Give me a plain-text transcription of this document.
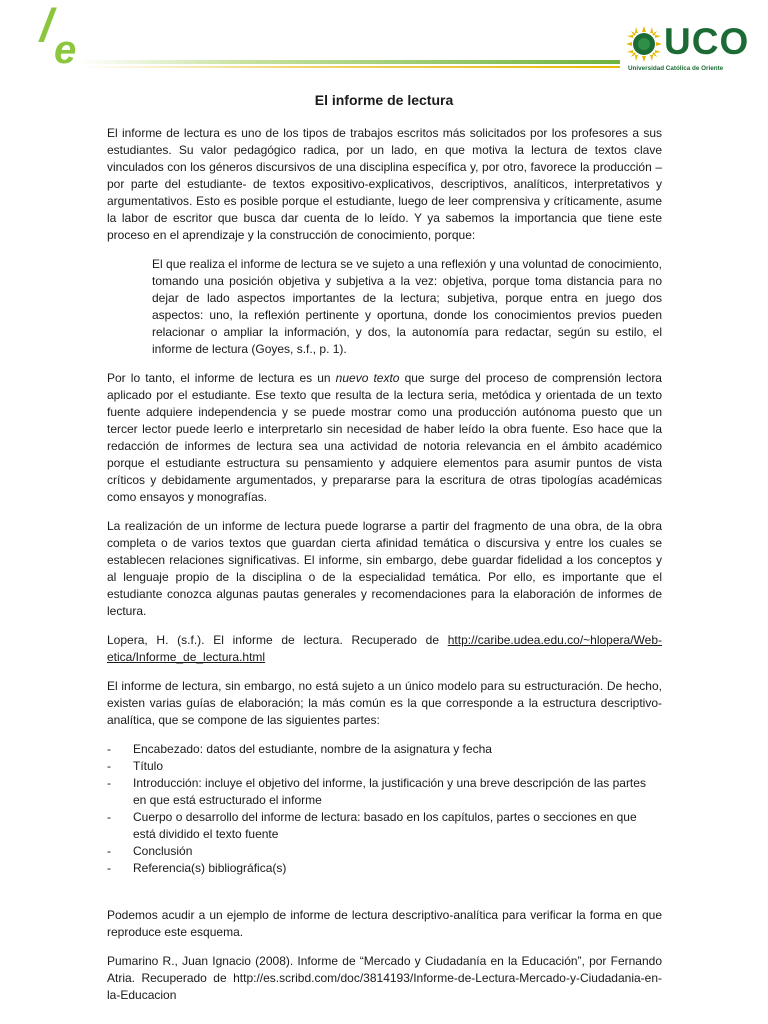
/ e	UCO
Universidad Católica de Oriente
El informe de lectura

El informe de lectura es uno de los tipos de trabajos escritos más solicitados por los profesores a sus estudiantes. Su valor pedagógico radica, por un lado, en que motiva la lectura de textos clave vinculados con los géneros discursivos de una disciplina específica y, por otro, favorece la producción –por parte del estudiante- de textos expositivo-explicativos, descriptivos, analíticos, interpretativos y argumentativos. Esto es posible porque el estudiante, luego de leer comprensiva y críticamente, asume la labor de escritor que busca dar cuenta de lo leído. Y ya sabemos la importancia que tiene este proceso en el aprendizaje y la construcción de conocimiento, porque:

El que realiza el informe de lectura se ve sujeto a una reflexión y una voluntad de conocimiento, tomando una posición objetiva y subjetiva a la vez: objetiva, porque toma distancia para no dejar de lado aspectos importantes de la lectura; subjetiva, porque entra en juego dos aspectos: uno, la reflexión pertinente y oportuna, donde los conocimientos previos pueden relacionar o ampliar la información, y dos, la autonomía para redactar, según su estilo, el informe de lectura (Goyes, s.f., p. 1).

Por lo tanto, el informe de lectura es un nuevo texto que surge del proceso de comprensión lectora aplicado por el estudiante. Ese texto que resulta de la lectura seria, metódica y orientada de un texto fuente adquiere independencia y se puede mostrar como una producción autónoma puesto que un tercer lector puede leerlo e interpretarlo sin necesidad de haber leído la obra fuente. Eso hace que la redacción de informes de lectura sea una actividad de notoria relevancia en el ámbito académico porque el estudiante estructura su pensamiento y adquiere elementos para asumir puntos de vista críticos y debidamente argumentados, y prepararse para la escritura de otras tipologías académicas como ensayos y monografías.

La realización de un informe de lectura puede lograrse a partir del fragmento de una obra, de la obra completa o de varios textos que guardan cierta afinidad temática o discursiva y entre los cuales se establecen relaciones significativas. El informe, sin embargo, debe guardar fidelidad a los conceptos y al lenguaje propio de la disciplina o de la especialidad temática. Por ello, es importante que el estudiante conozca algunas pautas generales y recomendaciones para la elaboración de informes de lectura.

Lopera, H. (s.f.). El informe de lectura. Recuperado de http://caribe.udea.edu.co/~hlopera/Web-etica/Informe_de_lectura.html

El informe de lectura, sin embargo, no está sujeto a un único modelo para su estructuración. De hecho, existen varias guías de elaboración; la más común es la que corresponde a la estructura descriptivo-analítica, que se compone de las siguientes partes:

- Encabezado: datos del estudiante, nombre de la asignatura y fecha
- Título
- Introducción: incluye el objetivo del informe, la justificación y una breve descripción de las partes en que está estructurado el informe
- Cuerpo o desarrollo del informe de lectura: basado en los capítulos, partes o secciones en que está dividido el texto fuente
- Conclusión
- Referencia(s) bibliográfica(s)

Podemos acudir a un ejemplo de informe de lectura descriptivo-analítica para verificar la forma en que reproduce este esquema.

Pumarino R., Juan Ignacio (2008). Informe de “Mercado y Ciudadanía en la Educación”, por Fernando Atria. Recuperado de http://es.scribd.com/doc/3814193/Informe-de-Lectura-Mercado-y-Ciudadania-en-la-Educacion
